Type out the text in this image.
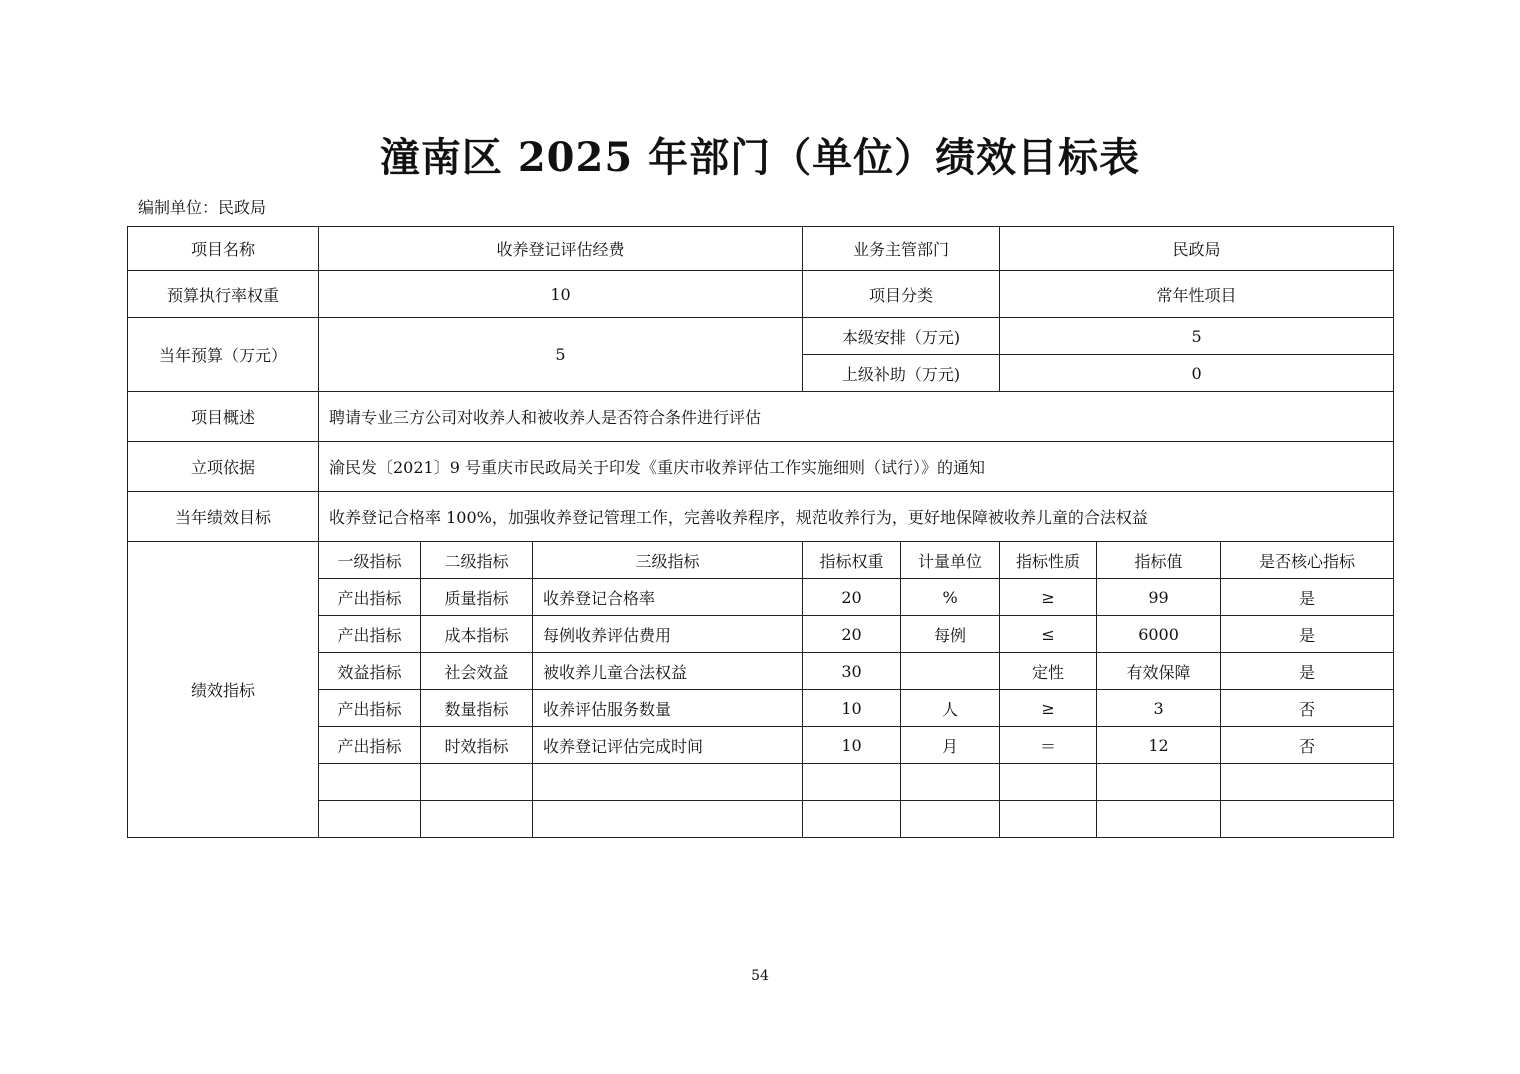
潼南区 2025 年部门（单位）绩效目标表
编制单位：民政局
项目名称	收养登记评估经费			业务主管部门		民政局		
预算执行率权重	10			项目分类		常年性项目		
当年预算（万元）	5			本级安排（万元)		5		
				上级补助（万元)		0		
项目概述	聘请专业三方公司对收养人和被收养人是否符合条件进行评估							
立项依据	渝民发〔2021〕9 号重庆市民政局关于印发《重庆市收养评估工作实施细则（试行）》的通知							
当年绩效目标	收养登记合格率 100%，加强收养登记管理工作，完善收养程序，规范收养行为，更好地保障被收养儿童的合法权益							
绩效指标	一级指标	二级指标	三级指标	指标权重	计量单位	指标性质	指标值	是否核心指标
	产出指标	质量指标	收养登记合格率	20	%	≥	99	是
	产出指标	成本指标	每例收养评估费用	20	每例	≤	6000	是
	效益指标	社会效益	被收养儿童合法权益	30		定性	有效保障	是
	产出指标	数量指标	收养评估服务数量	10	人	≥	3	否
	产出指标	时效指标	收养登记评估完成时间	10	月	＝	12	否

54
